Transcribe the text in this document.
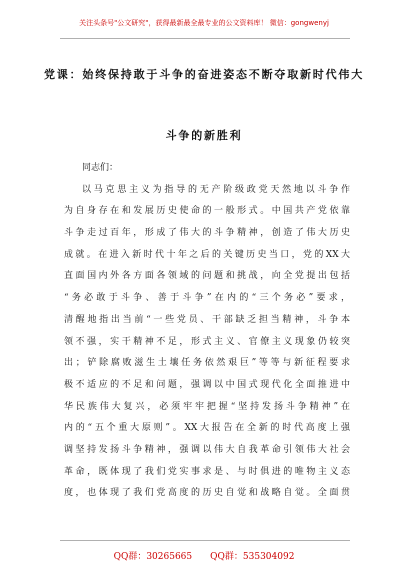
关注头条号"公文研究"，获得最新最全最专业的公文资料库！ 微信：gongwenyj
党课：始终保持敢于斗争的奋进姿态不断夺取新时代伟大
斗争的新胜利
同志们：
以马克思主义为指导的无产阶级政党天然地以斗争作
为自身存在和发展历史使命的一般形式。中国共产党依靠
斗争走过百年，形成了伟大的斗争精神，创造了伟大历史
成就。在进入新时代十年之后的关键历史当口，党的XX大
直面国内外各方面各领域的问题和挑战，向全党提出包括
“务必敢于斗争、善于斗争”在内的“三个务必”要求，
清醒地指出当前“一些党员、干部缺乏担当精神，斗争本
领不强，实干精神不足，形式主义、官僚主义现象仍较突
出；铲除腐败滋生土壤任务依然艰巨”等等与新征程要求
极不适应的不足和问题，强调以中国式现代化全面推进中
华民族伟大复兴，必须牢牢把握“坚持发扬斗争精神”在
内的“五个重大原则”。XX大报告在全新的时代高度上强
调坚持发扬斗争精神，强调以伟大自我革命引领伟大社会
革命，既体现了我们党实事求是、与时俱进的唯物主义态
度，也体现了我们党高度的历史自觉和战略自觉。全面贯
QQ群：30265665 QQ群：535304092
